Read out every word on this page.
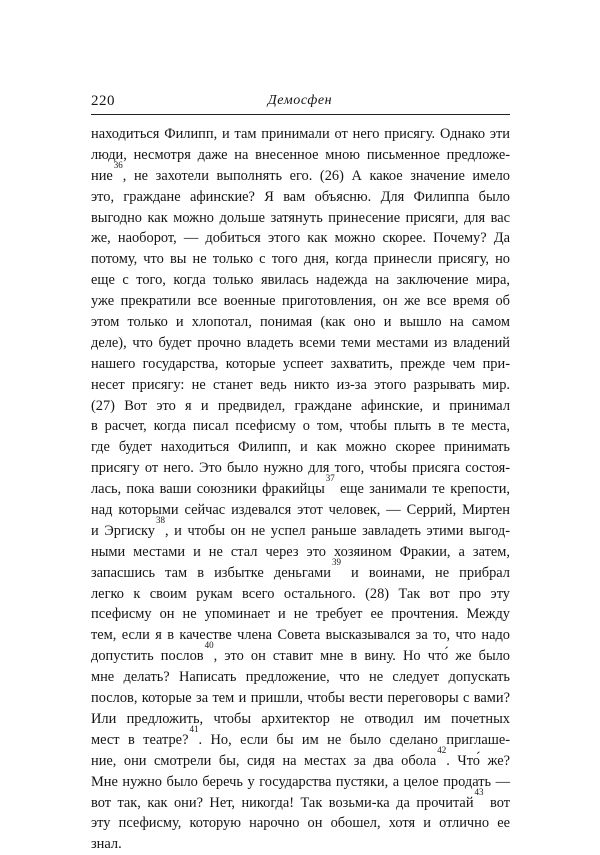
220	Демосфен
находиться Филипп, и там принимали от него присягу. Однако эти
люди, несмотря даже на внесенное мною письменное предложе-
ние$^{36}$, не захотели выполнять его. (26) А какое значение имело
это, граждане афинские? Я вам объясню. Для Филиппа было
выгодно как можно дольше затянуть принесение присяги, для вас
же, наоборот, — добиться этого как можно скорее. Почему? Да
потому, что вы не только с того дня, когда принесли присягу, но
еще с того, когда только явилась надежда на заключение мира,
уже прекратили все военные приготовления, он же все время об
этом только и хлопотал, понимая (как оно и вышло на самом
деле), что будет прочно владеть всеми теми местами из владений
нашего государства, которые успеет захватить, прежде чем при-
несет присягу: не станет ведь никто из-за этого разрывать мир.
(27) Вот это я и предвидел, граждане афинские, и принимал
в расчет, когда писал псефисму о том, чтобы плыть в те места,
где будет находиться Филипп, и как можно скорее принимать
присягу от него. Это было нужно для того, чтобы присяга состоя-
лась, пока ваши союзники фракийцы$^{37}$ еще занимали те крепости,
над которыми сейчас издевался этот человек, — Серрий, Миртен
и Эргиску$^{38}$, и чтобы он не успел раньше завладеть этими выгод-
ными местами и не стал через это хозяином Фракии, а затем,
запасшись там в избытке деньгами$^{39}$ и воинами, не прибрал
легко к своим рукам всего остального. (28) Так вот про эту
псефисму он не упоминает и не требует ее прочтения. Между
тем, если я в качестве члена Совета высказывался за то, что надо
допустить послов$^{40}$, это он ставит мне в вину. Но что́ же было
мне делать? Написать предложение, что не следует допускать
послов, которые за тем и пришли, чтобы вести переговоры с вами?
Или предложить, чтобы архитектор не отводил им почетных
мест в театре?$^{41}$. Но, если бы им не было сделано приглаше-
ние, они смотрели бы, сидя на местах за два обола$^{42}$. Что́ же?
Мне нужно было беречь у государства пустяки, а целое продать —
вот так, как они? Нет, никогда! Так возьми-ка да прочитай$^{43}$ вот
эту псефисму, которую нарочно он обошел, хотя и отлично ее
знал.
